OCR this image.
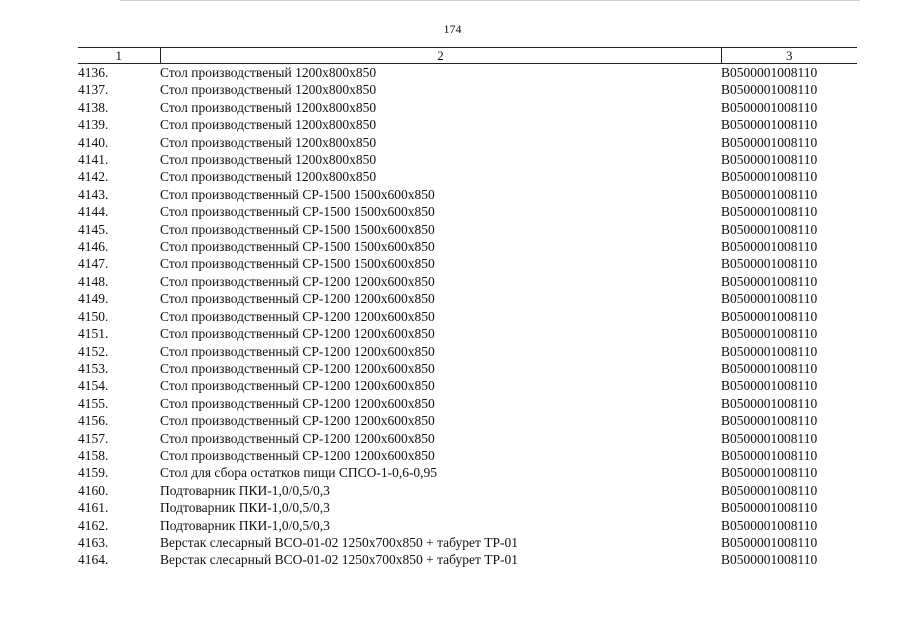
174
1	2	3
4136.	Стол производственый 1200х800х850	В0500001008110
4137.	Стол производственый 1200х800х850	В0500001008110
4138.	Стол производственый 1200х800х850	В0500001008110
4139.	Стол производственый 1200х800х850	В0500001008110
4140.	Стол производственый 1200х800х850	В0500001008110
4141.	Стол производственый 1200х800х850	В0500001008110
4142.	Стол производственый 1200х800х850	В0500001008110
4143.	Стол производственный СР-1500 1500х600х850	В0500001008110
4144.	Стол производственный СР-1500 1500х600х850	В0500001008110
4145.	Стол производственный СР-1500 1500х600х850	В0500001008110
4146.	Стол производственный СР-1500 1500х600х850	В0500001008110
4147.	Стол производственный СР-1500 1500х600х850	В0500001008110
4148.	Стол производственный СР-1200 1200х600х850	В0500001008110
4149.	Стол производственный СР-1200 1200х600х850	В0500001008110
4150.	Стол производственный СР-1200 1200х600х850	В0500001008110
4151.	Стол производственный СР-1200 1200х600х850	В0500001008110
4152.	Стол производственный СР-1200 1200х600х850	В0500001008110
4153.	Стол производственный СР-1200 1200х600х850	В0500001008110
4154.	Стол производственный СР-1200 1200х600х850	В0500001008110
4155.	Стол производственный СР-1200 1200х600х850	В0500001008110
4156.	Стол производственный СР-1200 1200х600х850	В0500001008110
4157.	Стол производственный СР-1200 1200х600х850	В0500001008110
4158.	Стол производственный СР-1200 1200х600х850	В0500001008110
4159.	Стол для сбора остатков пищи СПСО-1-0,6-0,95	В0500001008110
4160.	Подтоварник ПКИ-1,0/0,5/0,3	В0500001008110
4161.	Подтоварник ПКИ-1,0/0,5/0,3	В0500001008110
4162.	Подтоварник ПКИ-1,0/0,5/0,3	В0500001008110
4163.	Верстак слесарный ВСО-01-02 1250х700х850 + табурет ТР-01	В0500001008110
4164.	Верстак слесарный ВСО-01-02 1250х700х850 + табурет ТР-01	В0500001008110
